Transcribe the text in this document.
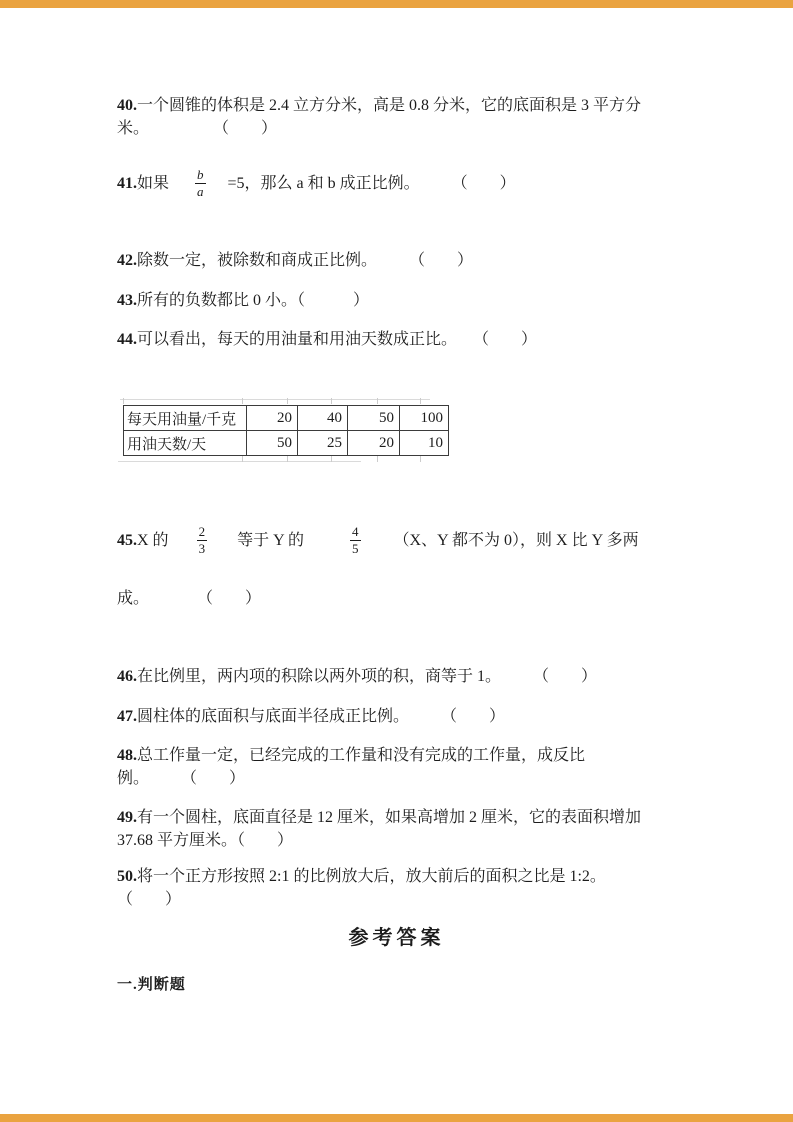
40.一个圆锥的体积是 2.4 立方分米，高是 0.8 分米，它的底面积是 3 平方分
米。　　　　　（　　）
41. 如果 $\frac{b}{a} =5$，那么 a 和 b 成正比例。　　　（　　）
42.除数一定，被除数和商成正比例。　　　（　　）
43.所有的负数都比 0 小。（　　　）
44.可以看出，每天的用油量和用油天数成正比。　　（　　）
每天用油量/千克	20	40	50	100
用油天数/天	50	25	20	10
45. X 的 $\frac{2}{3}$ 等于 Y 的	$\frac{4}{5} (X$、Y 都不为 0），则 X 比 Y 多两
成。　　　　（　　）
46.在比例里，两内项的积除以两外项的积，商等于 1。　　　（　　）
47.圆柱体的底面积与底面半径成正比例。　　　（　　）
48.总工作量一定，已经完成的工作量和没有完成的工作量，成反比
例。　　　（　　）
49.有一个圆柱，底面直径是 12 厘米，如果高增加 2 厘米，它的表面积增加
37.68 平方厘米。（　　）
50.将一个正方形按照 2:1 的比例放大后，放大前后的面积之比是 1:2。
（　　）
参考答案
一.判断题
